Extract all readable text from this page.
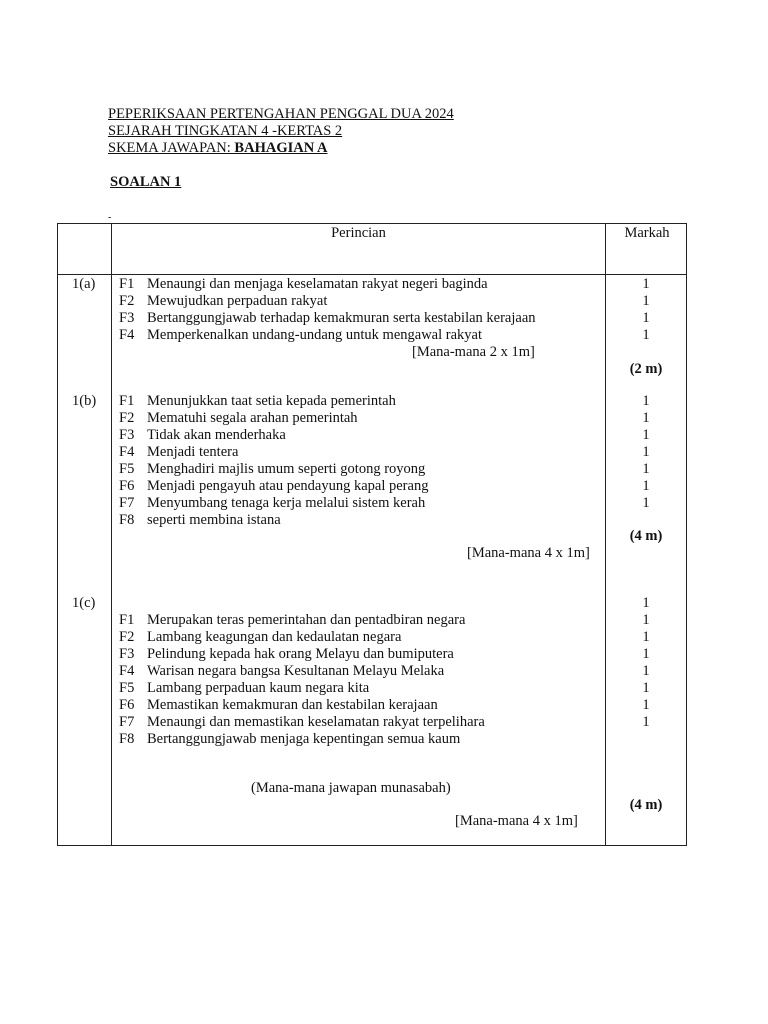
PEPERIKSAAN PERTENGAHAN PENGGAL DUA 2024
SEJARAH TINGKATAN 4 -KERTAS 2
SKEMA JAWAPAN: BAHAGIAN A
SOALAN 1
-
Perincian	Markah
1(a) F1 Menaungi dan menjaga keselamatan rakyat negeri baginda
F2 Mewujudkan perpaduan rakyat
F3 Bertanggungjawab terhadap kemakmuran serta kestabilan kerajaan
F4 Memperkenalkan undang-undang untuk mengawal rakyat
[Mana-mana 2 x 1m]
1
1
1
1
(2 m)
1(b) F1 Menunjukkan taat setia kepada pemerintah
F2 Mematuhi segala arahan pemerintah
F3 Tidak akan menderhaka
F4 Menjadi tentera
F5 Menghadiri majlis umum seperti gotong royong
F6 Menjadi pengayuh atau pendayung kapal perang
F7 Menyumbang tenaga kerja melalui sistem kerah
F8 seperti membina istana
[Mana-mana 4 x 1m]
1
1
1
1
1
1
1
(4 m)
1(c)	1
1
1
1
1
1
1
1
F1 Merupakan teras pemerintahan dan pentadbiran negara
F2 Lambang keagungan dan kedaulatan negara
F3 Pelindung kepada hak orang Melayu dan bumiputera
F4 Warisan negara bangsa Kesultanan Melayu Melaka
F5 Lambang perpaduan kaum negara kita
F6 Memastikan kemakmuran dan kestabilan kerajaan
F7 Menaungi dan memastikan keselamatan rakyat terpelihara
F8 Bertanggungjawab menjaga kepentingan semua kaum
(Mana-mana jawapan munasabah)
[Mana-mana 4 x 1m]
(4 m)
